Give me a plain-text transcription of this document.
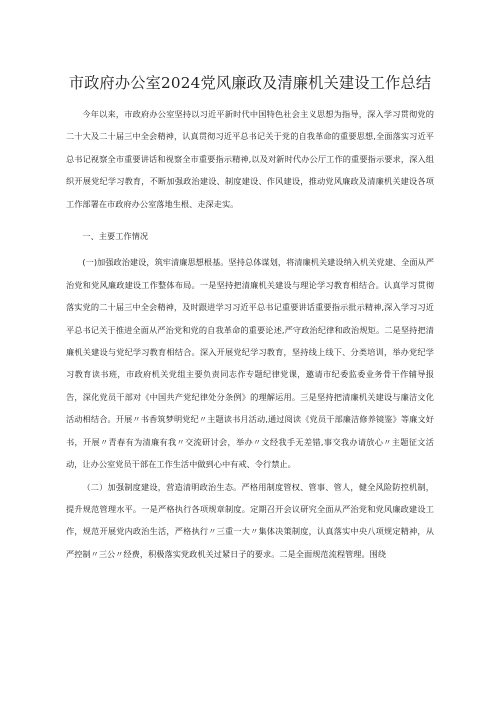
市政府办公室2024党风廉政及清廉机关建设工作总结

今年以来，市政府办公室坚持以习近平新时代中国特色社会主义思想为指导，深入学习贯彻党的二十大及二十届三中全会精神，认真贯彻习近平总书记关于党的自我革命的重要思想,全面落实习近平总书记视察全市重要讲话和视察全市重要指示精神,以及对新时代办公厅工作的重要指示要求，深入组织开展党纪学习教育，不断加强政治建设、制度建设、作风建设，推动党风廉政及清廉机关建设各项工作部署在市政府办公室落地生根、走深走实。

一、主要工作情况

(一)加强政治建设，筑牢清廉思想根基。坚持总体谋划，将清廉机关建设纳入机关党建、全面从严治党和党风廉政建设工作整体布局。一是坚持把清廉机关建设与理论学习教育相结合。认真学习贯彻落实党的二十届三中全会精神，及时跟进学习习近平总书记重要讲话重要指示批示精神,深入学习习近平总书记关于推进全面从严治党和党的自我革命的重要论述,严守政治纪律和政治规矩。二是坚持把清廉机关建设与党纪学习教育相结合。深入开展党纪学习教育，坚持线上线下、分类培训，举办党纪学习教育读书班，市政府机关党组主要负责同志作专题纪律党课，邀请市纪委监委业务骨干作辅导报告，深化党员干部对《中国共产党纪律处分条例》的理解运用。三是坚持把清廉机关建设与廉洁文化活动相结合。开展〃书香筑梦明党纪〃主题读书月活动,通过阅读《党员干部廉洁修养镜鉴》等廉文好书，开展〃青春有为清廉有我〃交流研讨会，举办〃文经我手无差错,事交我办请放心〃主题征文活动，让办公室党员干部在工作生活中做到心中有戒、令行禁止。

（二）加强制度建设，营造清明政治生态。严格用制度管权、管事、管人，健全风险防控机制，提升规范管理水平。一是严格执行各项规章制度。定期召开会议研究全面从严治党和党风廉政建设工作，规范开展党内政治生活，严格执行〃三重一大〃集体决策制度，认真落实中央八项规定精神，从严控制〃三公〃经费，积极落实党政机关过紧日子的要求。二是全面规范流程管理。围绕
